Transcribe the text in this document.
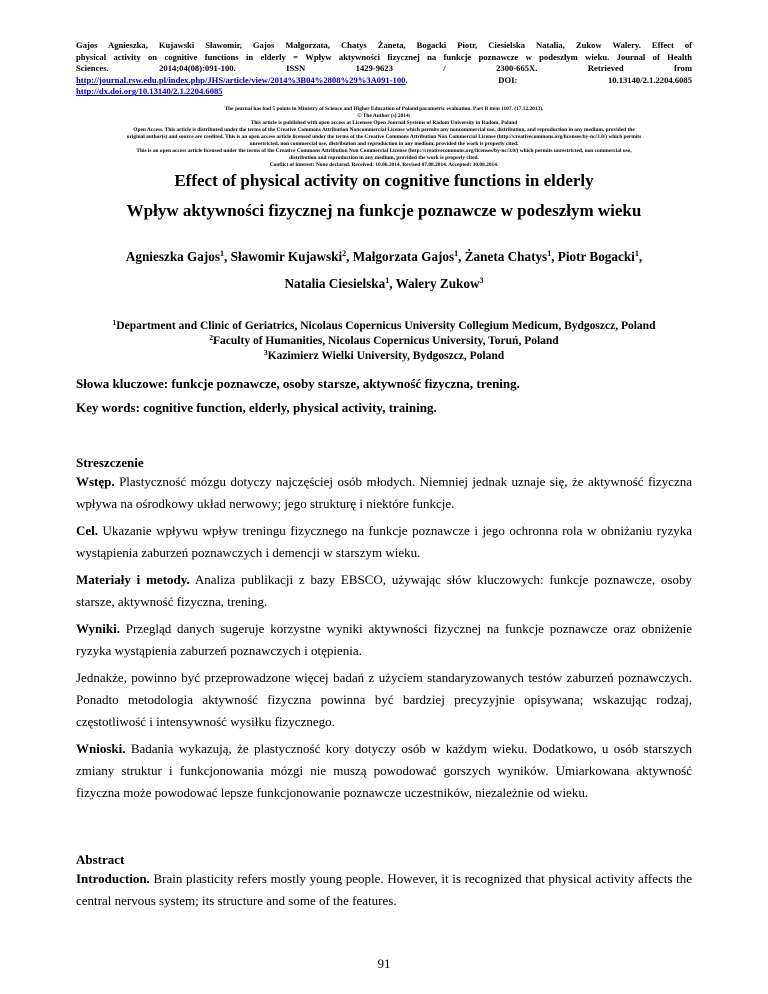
Gajos Agnieszka, Kujawski Sławomir, Gajos Małgorzata, Chatys Żaneta, Bogacki Piotr, Ciesielska Natalia, Zukow Walery. Effect of
physical activity on cognitive functions in elderly = Wpływ aktywności fizycznej na funkcje poznawcze w podeszłym wieku. Journal of Health
Sciences. 2014;04(08):091-100. ISSN 1429-9623 / 2300-665X. Retrieved from
http://journal.rsw.edu.pl/index.php/JHS/article/view/2014%3B04%2808%29%3A091-100. DOI: 10.13140/2.1.2204.6085
http://dx.doi.org/10.13140/2.1.2204.6085
The journal has had 5 points in Ministry of Science and Higher Education of Poland parametric evaluation. Part B item 1107. (17.12.2013).
© The Author (s) 2014;
This article is published with open access at Licensee Open Journal Systems of Radom University in Radom, Poland
Open Access. This article is distributed under the terms of the Creative Commons Attribution Noncommercial License which permits any noncommercial use, distribution, and reproduction in any medium, provided the
original author(s) and source are credited. This is an open access article licensed under the terms of the Creative Commons Attribution Non Commercial License (http://creativecommons.org/licenses/by-nc/3.0/) which permits
unrestricted, non commercial use, distribution and reproduction in any medium, provided the work is properly cited.
This is an open access article licensed under the terms of the Creative Commons Attribution Non Commercial License (http://creativecommons.org/licenses/by-nc/3.0/) which permits unrestricted, non commercial use,
distribution and reproduction in any medium, provided the work is properly cited.
Conflict of interest: None declared. Received: 10.06.2014. Revised 07.08.2014. Accepted: 30.08.2014.
Effect of physical activity on cognitive functions in elderly
Wpływ aktywności fizycznej na funkcje poznawcze w podeszłym wieku
Agnieszka Gajos$^1$, Sławomir Kujawski$^2$, Małgorzata Gajos$^1$, Żaneta Chatys$^1$, Piotr Bogacki$^1$,
Natalia Ciesielska$^1$, Walery Zukow$^3$
$^1$Department and Clinic of Geriatrics, Nicolaus Copernicus University Collegium Medicum, Bydgoszcz, Poland
$^2$Faculty of Humanities, Nicolaus Copernicus University, Toruń, Poland
$^3$Kazimierz Wielki University, Bydgoszcz, Poland
Słowa kluczowe: funkcje poznawcze, osoby starsze, aktywność fizyczna, trening.
Key words: cognitive function, elderly, physical activity, training.
Streszczenie

Wstęp. Plastyczność mózgu dotyczy najczęściej osób młodych. Niemniej jednak uznaje się, że aktywność fizyczna wpływa na ośrodkowy układ nerwowy; jego strukturę i niektóre funkcje.

Cel. Ukazanie wpływu wpływ treningu fizycznego na funkcje poznawcze i jego ochronna rola w obniżaniu ryzyka wystąpienia zaburzeń poznawczych i demencji w starszym wieku.

Materiały i metody. Analiza publikacji z bazy EBSCO, używając słów kluczowych: funkcje poznawcze, osoby starsze, aktywność fizyczna, trening.

Wyniki. Przegląd danych sugeruje korzystne wyniki aktywności fizycznej na funkcje poznawcze oraz obniżenie ryzyka wystąpienia zaburzeń poznawczych i otępienia.

Jednakże, powinno być przeprowadzone więcej badań z użyciem standaryzowanych testów zaburzeń poznawczych. Ponadto metodologia aktywność fizyczna powinna być bardziej precyzyjnie opisywana; wskazując rodzaj, częstotliwość i intensywność wysiłku fizycznego.

Wnioski. Badania wykazują, że plastyczność kory dotyczy osób w każdym wieku. Dodatkowo, u osób starszych zmiany struktur i funkcjonowania mózgi nie muszą powodować gorszych wyników. Umiarkowana aktywność fizyczna może powodować lepsze funkcjonowanie poznawcze uczestników, niezależnie od wieku.

Abstract

Introduction. Brain plasticity refers mostly young people. However, it is recognized that physical activity affects the central nervous system; its structure and some of the features.

91
